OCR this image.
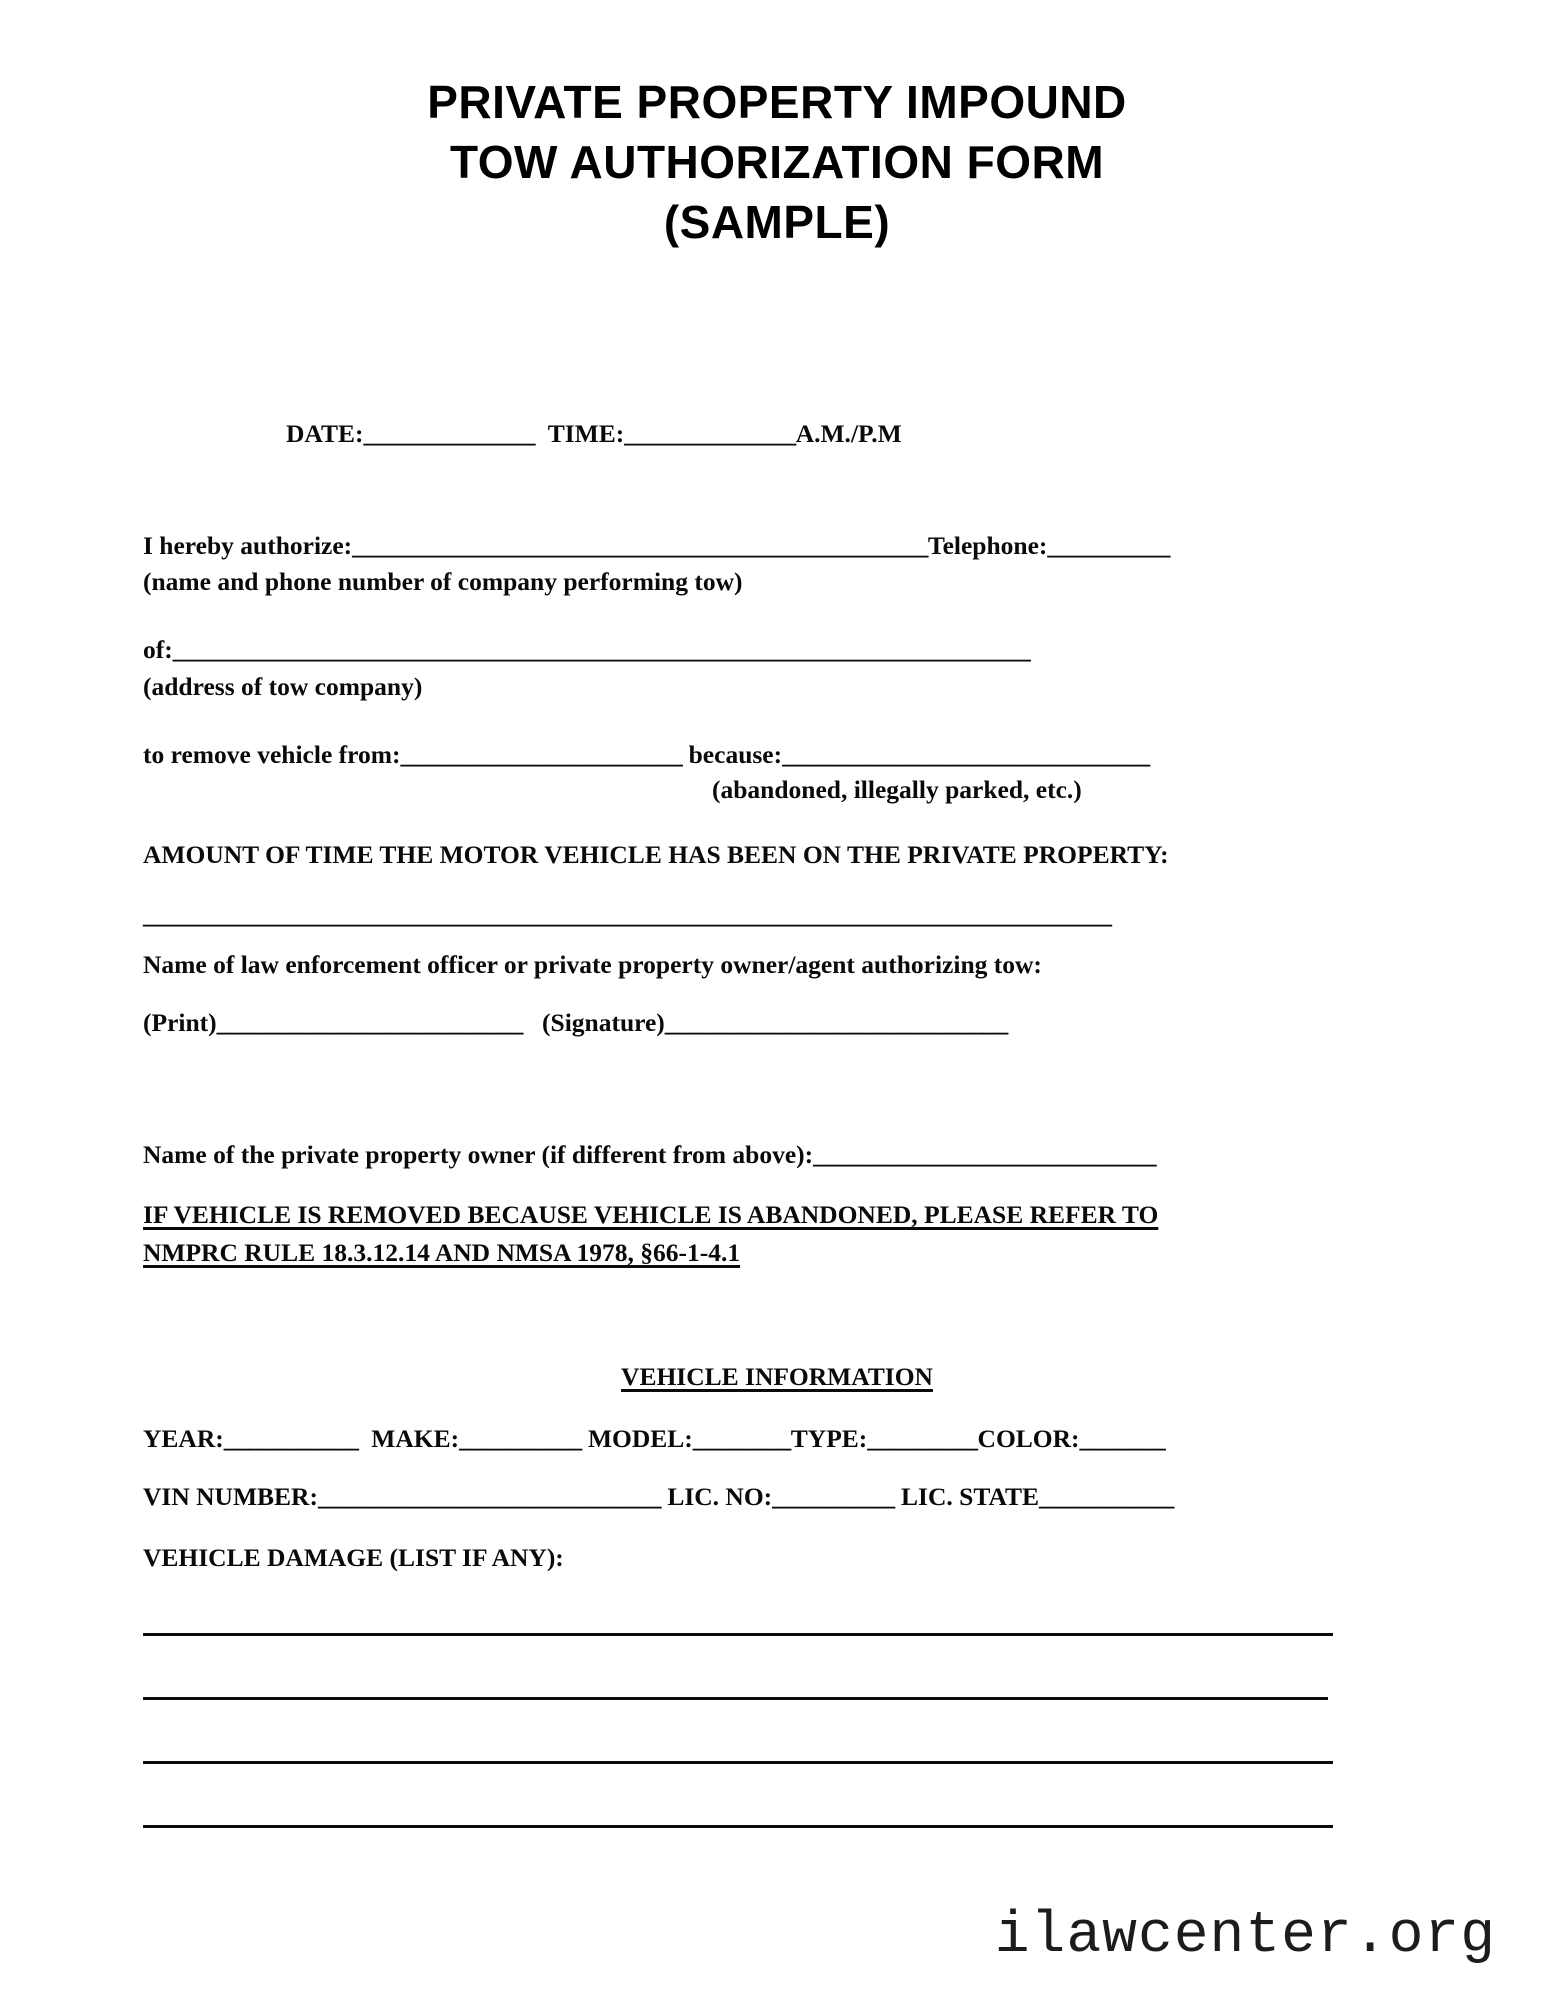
PRIVATE PROPERTY IMPOUND
TOW AUTHORIZATION FORM
(SAMPLE)
DATE:______________ TIME:______________A.M./P.M
I hereby authorize:_______________________________________________Telephone:__________
(name and phone number of company performing tow)
of:______________________________________________________________________
(address of tow company)
to remove vehicle from:_______________________ because:______________________________
(abandoned, illegally parked, etc.)
AMOUNT OF TIME THE MOTOR VEHICLE HAS BEEN ON THE PRIVATE PROPERTY:
____________________________________________________________________________
Name of law enforcement officer or private property owner/agent authorizing tow:
(Print)_________________________ (Signature)____________________________
Name of the private property owner (if different from above):____________________________
IF VEHICLE IS REMOVED BECAUSE VEHICLE IS ABANDONED, PLEASE REFER TO
NMPRC RULE 18.3.12.14 AND NMSA 1978, §66-1-4.1
VEHICLE INFORMATION
YEAR:___________ MAKE:__________ MODEL:________TYPE:_________COLOR:_______
VIN NUMBER:____________________________ LIC. NO:__________ LIC. STATE___________
VEHICLE DAMAGE (LIST IF ANY):
ilawcenter.org
